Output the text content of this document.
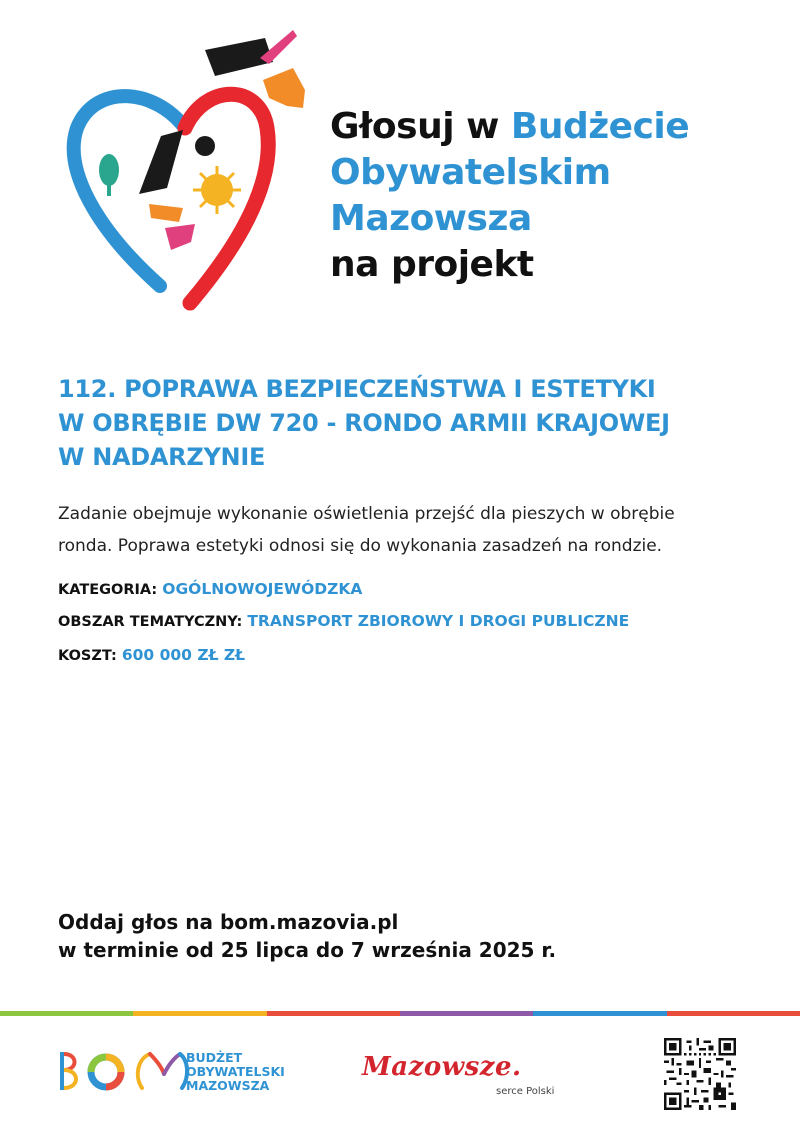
Głosuj w Budżecie
Obywatelskim
Mazowsza
na projekt
112. POPRAWA BEZPIECZEŃSTWA I ESTETYKI
W OBRĘBIE DW 720 - RONDO ARMII KRAJOWEJ
W NADARZYNIE
Zadanie obejmuje wykonanie oświetlenia przejść dla pieszych w obrębie
ronda. Poprawa estetyki odnosi się do wykonania zasadzeń na rondzie.
KATEGORIA: OGÓLNOWOJEWÓDZKA
OBSZAR TEMATYCZNY: TRANSPORT ZBIOROWY I DROGI PUBLICZNE
KOSZT: 600 000 ZŁ ZŁ
Oddaj głos na bom.mazovia.pl
w terminie od 25 lipca do 7 września 2025 r.
BUDŻET
OBYWATELSKI
MAZOWSZA
Mazowsze.
serce Polski
